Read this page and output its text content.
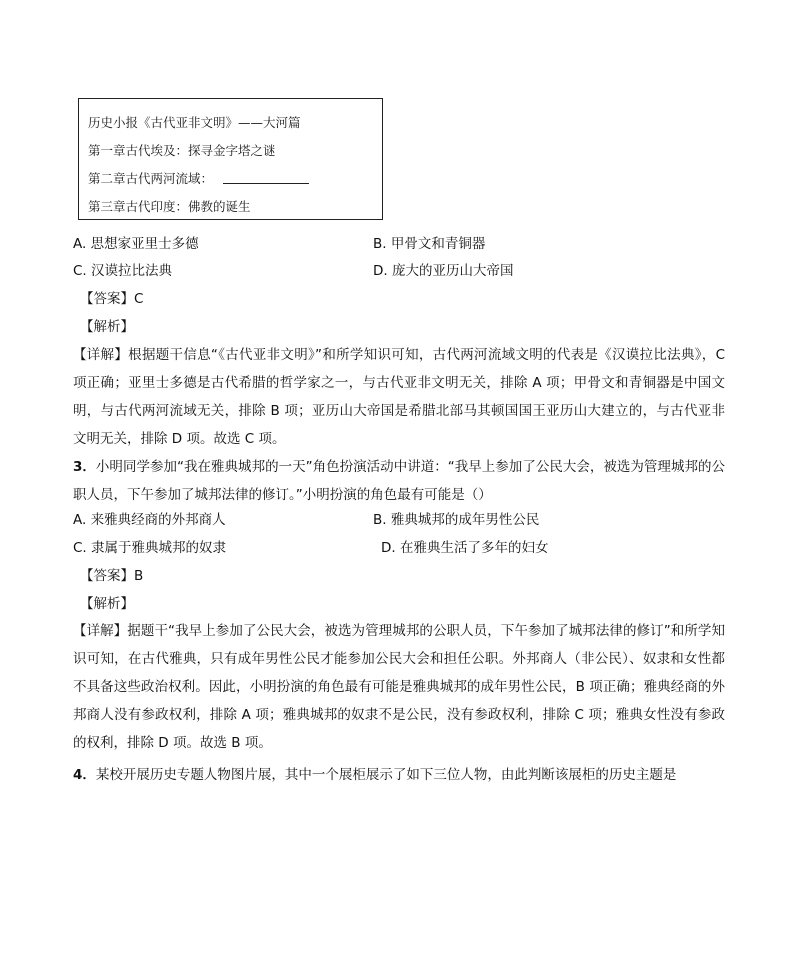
历史小报《古代亚非文明》——大河篇
第一章古代埃及：探寻金字塔之谜
第二章古代两河流域：
第三章古代印度：佛教的诞生
A. 思想家亚里士多德	B. 甲骨文和青铜器
C. 汉谟拉比法典	D. 庞大的亚历山大帝国
【答案】C
【解析】
【详解】根据题干信息“《古代亚非文明》”和所学知识可知，古代两河流域文明的代表是《汉谟拉比法典》，C 项正确；亚里士多德是古代希腊的哲学家之一，与古代亚非文明无关，排除 A 项；甲骨文和青铜器是中国文明，与古代两河流域无关，排除 B 项；亚历山大帝国是希腊北部马其顿国国王亚历山大建立的，与古代亚非文明无关，排除 D 项。故选 C 项。
3．小明同学参加“我在雅典城邦的一天”角色扮演活动中讲道：“我早上参加了公民大会，被选为管理城邦的公职人员，下午参加了城邦法律的修订。”小明扮演的角色最有可能是（）
A. 来雅典经商的外邦商人	B. 雅典城邦的成年男性公民
C. 隶属于雅典城邦的奴隶	D. 在雅典生活了多年的妇女
【答案】B
【解析】
【详解】据题干“我早上参加了公民大会，被选为管理城邦的公职人员，下午参加了城邦法律的修订”和所学知识可知，在古代雅典，只有成年男性公民才能参加公民大会和担任公职。外邦商人（非公民）、奴隶和女性都不具备这些政治权利。因此，小明扮演的角色最有可能是雅典城邦的成年男性公民，B 项正确；雅典经商的外邦商人没有参政权利，排除 A 项；雅典城邦的奴隶不是公民，没有参政权利，排除 C 项；雅典女性没有参政的权利，排除 D 项。故选 B 项。
4．某校开展历史专题人物图片展，其中一个展柜展示了如下三位人物，由此判断该展柜的历史主题是
